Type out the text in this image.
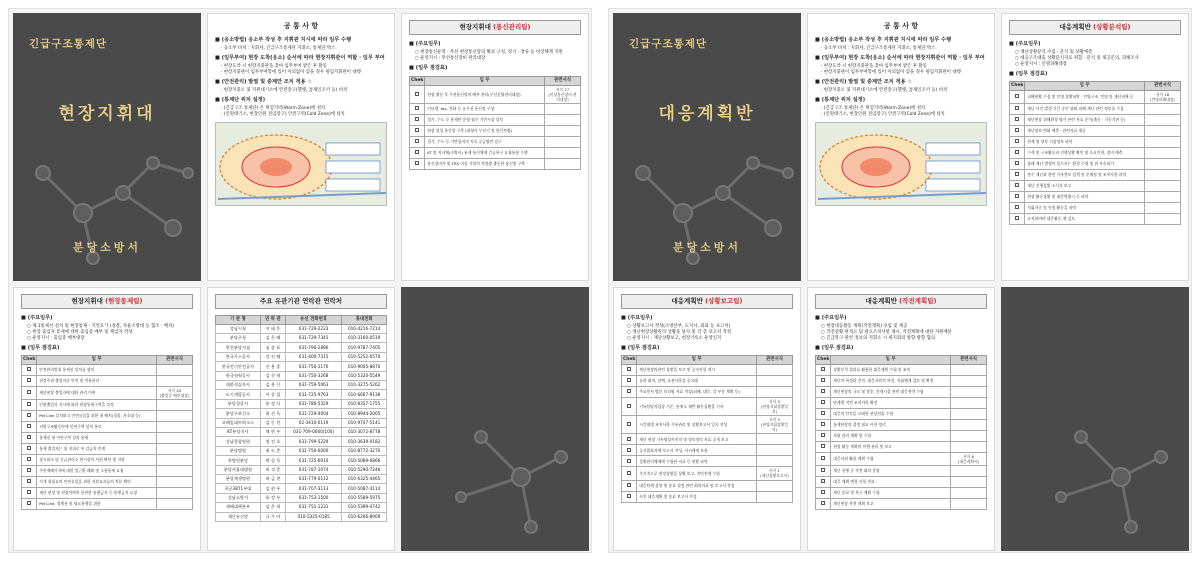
긴급구조통제단
현장지휘대
분당소방서
공 통 사 항
■ (응소방법) 응소부 작성 후 지휘관 지시에 따라 임무 수행
· 응소부 비치 : 지휘차, 긴급구조통제단 지휘소, 통제단 박스
■ (임무부여) 현장 도착(응소) 순서에 따라 현장지휘관이 역할 · 임무 부여
· 현장도착 시 현장지휘관을 찾아 임무부여 받은 후 활동
· 현장지휘관이 임무부여할에 있어 이의없이 있을 경우 위임지휘관이 대행
■ (안전관리) 발열 및 중제안 조치 적용 ☆
· 현장지휘소 및 지원대기소에 안전장구(헬멧, 통제인조끼 등) 비치
■ (통제단 위치 설정)
· (긴급구조 통제단) 온 위험지역(Warm Zone)에 설치
· (인원대기소, 현장인원 전입장구) 안전구역(Cold Zone)에 설치
현장지휘대 (통신관리팀)
■ (주요임무)
○ 현장통신운영 · 무선 현장통신망의 확보 구성, 경기 · 정류 등 비상체계 지원
○ 운영지시 : 무선통신장비 관리대장
■ (임무 점검표)
Chek	임 무	관련서식
	현장 출동 후 무선통신망의 배부 관리(무선운영관리대장)	서식 17
(비상통신장비 관리대장)
	인터넷, fax, 전화 등 유무선 통신망 구성	
	경기, 수도 등 통제단 운영 필수 기반시설 설치	
	현장 위성 통신망 구축 (대형사 무선기 및 통신차량)	
	경기, 수도 등 기반설비의 지속 공급방안 강구	
	KT 및 지자체(소방서) 통제 통신체제 긴급복구 요청통합 수행	
	통신장비가 및 TRS 비상 가치의 적정량 출동한 통신망 구축	
현장지휘대 (현장통제팀)
■ (주요임무)
○ 제 1통제선 설치 및 현장통제 · 지연요가 (경찰, 자율소방대 등 협조 · 배치)
○ 현장 출입자 통제에 대한 출입증 배부 및 책임자 작성
○ 운영지시 : 출입증 배부대장
■ (임무 점검표)
Chek	임 무	관련서식
	안전관리범위 통제선 설치를 협의	
	현장주위 출입자중 안전 및 적용관리	
	재난현장 출입자에 대한 관리 이력	서식 20
(출입증 배부대장)
	인원출입자 지시에 따라 현장통제구역을 설정	
	Pet Line 설치하고 인연유입을 위한 내 배치(경찰, 자소대 등)	
	지원구조활동단에 인연구역 설치 통보	
	통제선 내 이연구역 설치 통제	
	통제 출입자는 위 지위로 부 감금처 인계	
	장시하소 및 긴급관리소 현시장의 사원 확인 및 지원	
	주민재해기자에 대한 업근환 폐쇄 및 소통통제 요청	
	가개 위험요의 인연유입을 위한 지원요자들의 처분 확인	
	재난 현장 및 현장이야의 통연한 통행금지 등 통행금지 요청	
	Pet Line, 경계통 및 필요통행을 위한	
주요 유관기관 연락관 연락처
기 관 명	연 락 관	유선 전화번호	휴대전화
성남시청	이 태 웅	031-729-2223	010-4216-7214
분당구청	김 은 혜	031-729-7341	010-3160-0519
한전분당지점	심 상 표	031-790-2896	010-9787-7405
한국가스공사	강 진 혜	031-400-7315	010-5252-0570
한국전기안전공사	신 용 종	031-750-1170	010-9005-8870
한국전력공사	김 진 혁	031-750-3268	010-5320-5549
대한적십자사	김 홍 신	031-759-5063	010-3275-5262
도시개발공사	이 상 철	031-725-9763	010-6667-9138
분당경찰서	윤 정 식	031-786-5329	010-8357-1755
분당구보건소	최 선 욱	031-729-4004	010-8944-2005
코레일네트워크스	김 동 헌	02-3410-0119	010-9747-5141
KT분당지사	채 현 우	031-709-0060(100)	010-3072-8778
성남종합병원	정 진 호	031-799-5229	010-3639-0182
분당병원	최 도 준	031-750-6000	010-8772-3270
차병원분당	박 성 욱	031-725-6010	010-5089-0866
분당서울대병원	허 석 준	031-787-1074	010-5290-7246
분당제생병원	허 금 현	031-779-0112	010-6325-4465
육군3871부대	김 현 우	031-707-3113	010-5087-4114
성남소방서	윤 정 우	031-753-1500	010-5589-5975
재해대책본부	김 은 혁	031-751-1231	010-5399-4742
재난통신망	규 가 비	010-5325-0185	010-6266-8909
긴급구조통제단
대응계획반
분당소방서
공 통 사 항
■ (응소방법) 응소부 작성 후 지휘관 지시에 따라 임무 수행
· 응소부 비치 : 지휘차, 긴급구조통제단 지휘소, 통제단 박스
■ (임무부여) 현장 도착(응소) 순서에 따라 현장지휘관이 역할 · 임무 부여
· 현장도착 시 현장지휘관을 찾아 임무부여 받은 후 활동
· 현장지휘관이 임무부여할에 있어 이의없이 있을 경우 위임지휘관이 대행
■ (안전관리) 발열 및 중제안 조치 적용 ☆
· 현장지휘소 및 지원대기소에 안전장구(헬멧, 통제인조끼 등) 비치
■ (통제단 위치 설정)
· (긴급구조 통제단) 온 위험지역(Warm Zone)에 설치
· (인원대기소, 현장인원 전입장구) 안전구역(Cold Zone)에 설치
대응계획반 (상황분석팀)
■ (주요임무)
○ 재난상황분석 수집 · 분석 및 상황예측
○ 대응구조대출 상황분석자료 취합 · 분석 및 제공문의, 피해조사
○ 운영지시 : 인명피해대장
■ (임무 점검표)
Chek	임 무	관련서식
	피해현황 수집 및 인명 상황파악 · 인명구조, 인원 및 재산피해 등	서식 18
(인명피해대장)
	재난 사건 발생 기간 중인 위와 피해 재난 관련 정보를 수집	
	재난현장 위해환경 평가 관련 자료 분석(출동 · 기동기관 등)	
	재난정보 변화 예측 · 관련자료 제공	
	현재 및 향후 기상정보 파악	
	수색 및 구조활동과 진행상황 확인 및 소요인력, 장비 예측	
	장래 재난 발생이 일으키는 환경 수렵 및 위 부속하기	
	향수 재난과 관련 기록정보 검색 및 문제점 및 조치사항 파악	
	재난 진행상황 소식지 보고	
	현장 활동상황 및 대응역량시 등 파악	
	지휘자준 및 인원 활동을 파악	
	유지하여야 대응활동 재 검토	
대응계획반 (상황보고팀)
■ (주요임무)
○ 상황보고서 작성(소방본부, 도지사, 외화 등 보고처)
○ 재난현장상황관리 상황을 당사 및 각 층 보고서 작성
○ 운영지시 : 재난상황보고, 현장기록소 운영일지
■ (임무 점검표)
Chek	임 무	관련서식
	재난현장의관련 상황을 보고 및 공지사항 게시	
	유관 회의, 선택, 유관사항을 공고래	
	주요인사 방문 브리핑 자료 작성(피해, 대응, 각 부문 계획 등)	
	기록담당자입장 기준, 통제소 제반 활동상황을 기록	서식 3
(현장지휘상황일지)
	시간대별 조치사항 기록관리 및 상황보고서 일지 작성	서식 3
(현장지휘상황일지)
	재난 현장 기록영상사진의 및 정보정리 자료 공개 보고	
	공식발표자에 보고서 작성, 비서에게 보관	
	상황관리체계에 수립된 자료 등 현황 파악	
	주기적으로 현장상황을 상황 보고, 진단전에 수립	서식 1
(재난상황보고서)
	대응단계 상향 및 종료 결정 관련 회의자료 및 보고서 작성	
	사후 대응계획 및 종료 보고서 작성	
대응계획반 (작전계획팀)
■ (주요임무)
○ 현장대응활동 계획(작전계획) 수립 및 제공
○ 작전상황 판개요 및 필요조치사항 제시, 작전계획에 대한 자원배분
○ 긴급복구 관련 정보의 지휘소 시 위지회의 방향 방향 협의
■ (임무 점검표)
Chek	임 무	관련서식
	상황분석 결과를 활용한 대응계획 수립 및 조치	
	재난의 특성과 진전, 대응자원의 여건, 지휘체계 검토 및 확정	
	재난현장의 규모 및 향후, 전개시설 관련 대응전략 수립	
	단계별 작전 조치사항 확정	
	대응의 안전을 고려한 현장전술 수립	
	통제단장의 결정 필요 사항 정리	
	자원 관리 계획 및 수립	
	현장 활동 계획의 이행 관리 및 보고	
	대응자원 활용 계획 수립	서식 6
(대응계획서)
	재난 진행 중 작전 회의 운영	
	대응 계획 변경 사항 전파	
	재난 종료 및 복구 계획 수립	
	재난현장 작전 계획 보고	
